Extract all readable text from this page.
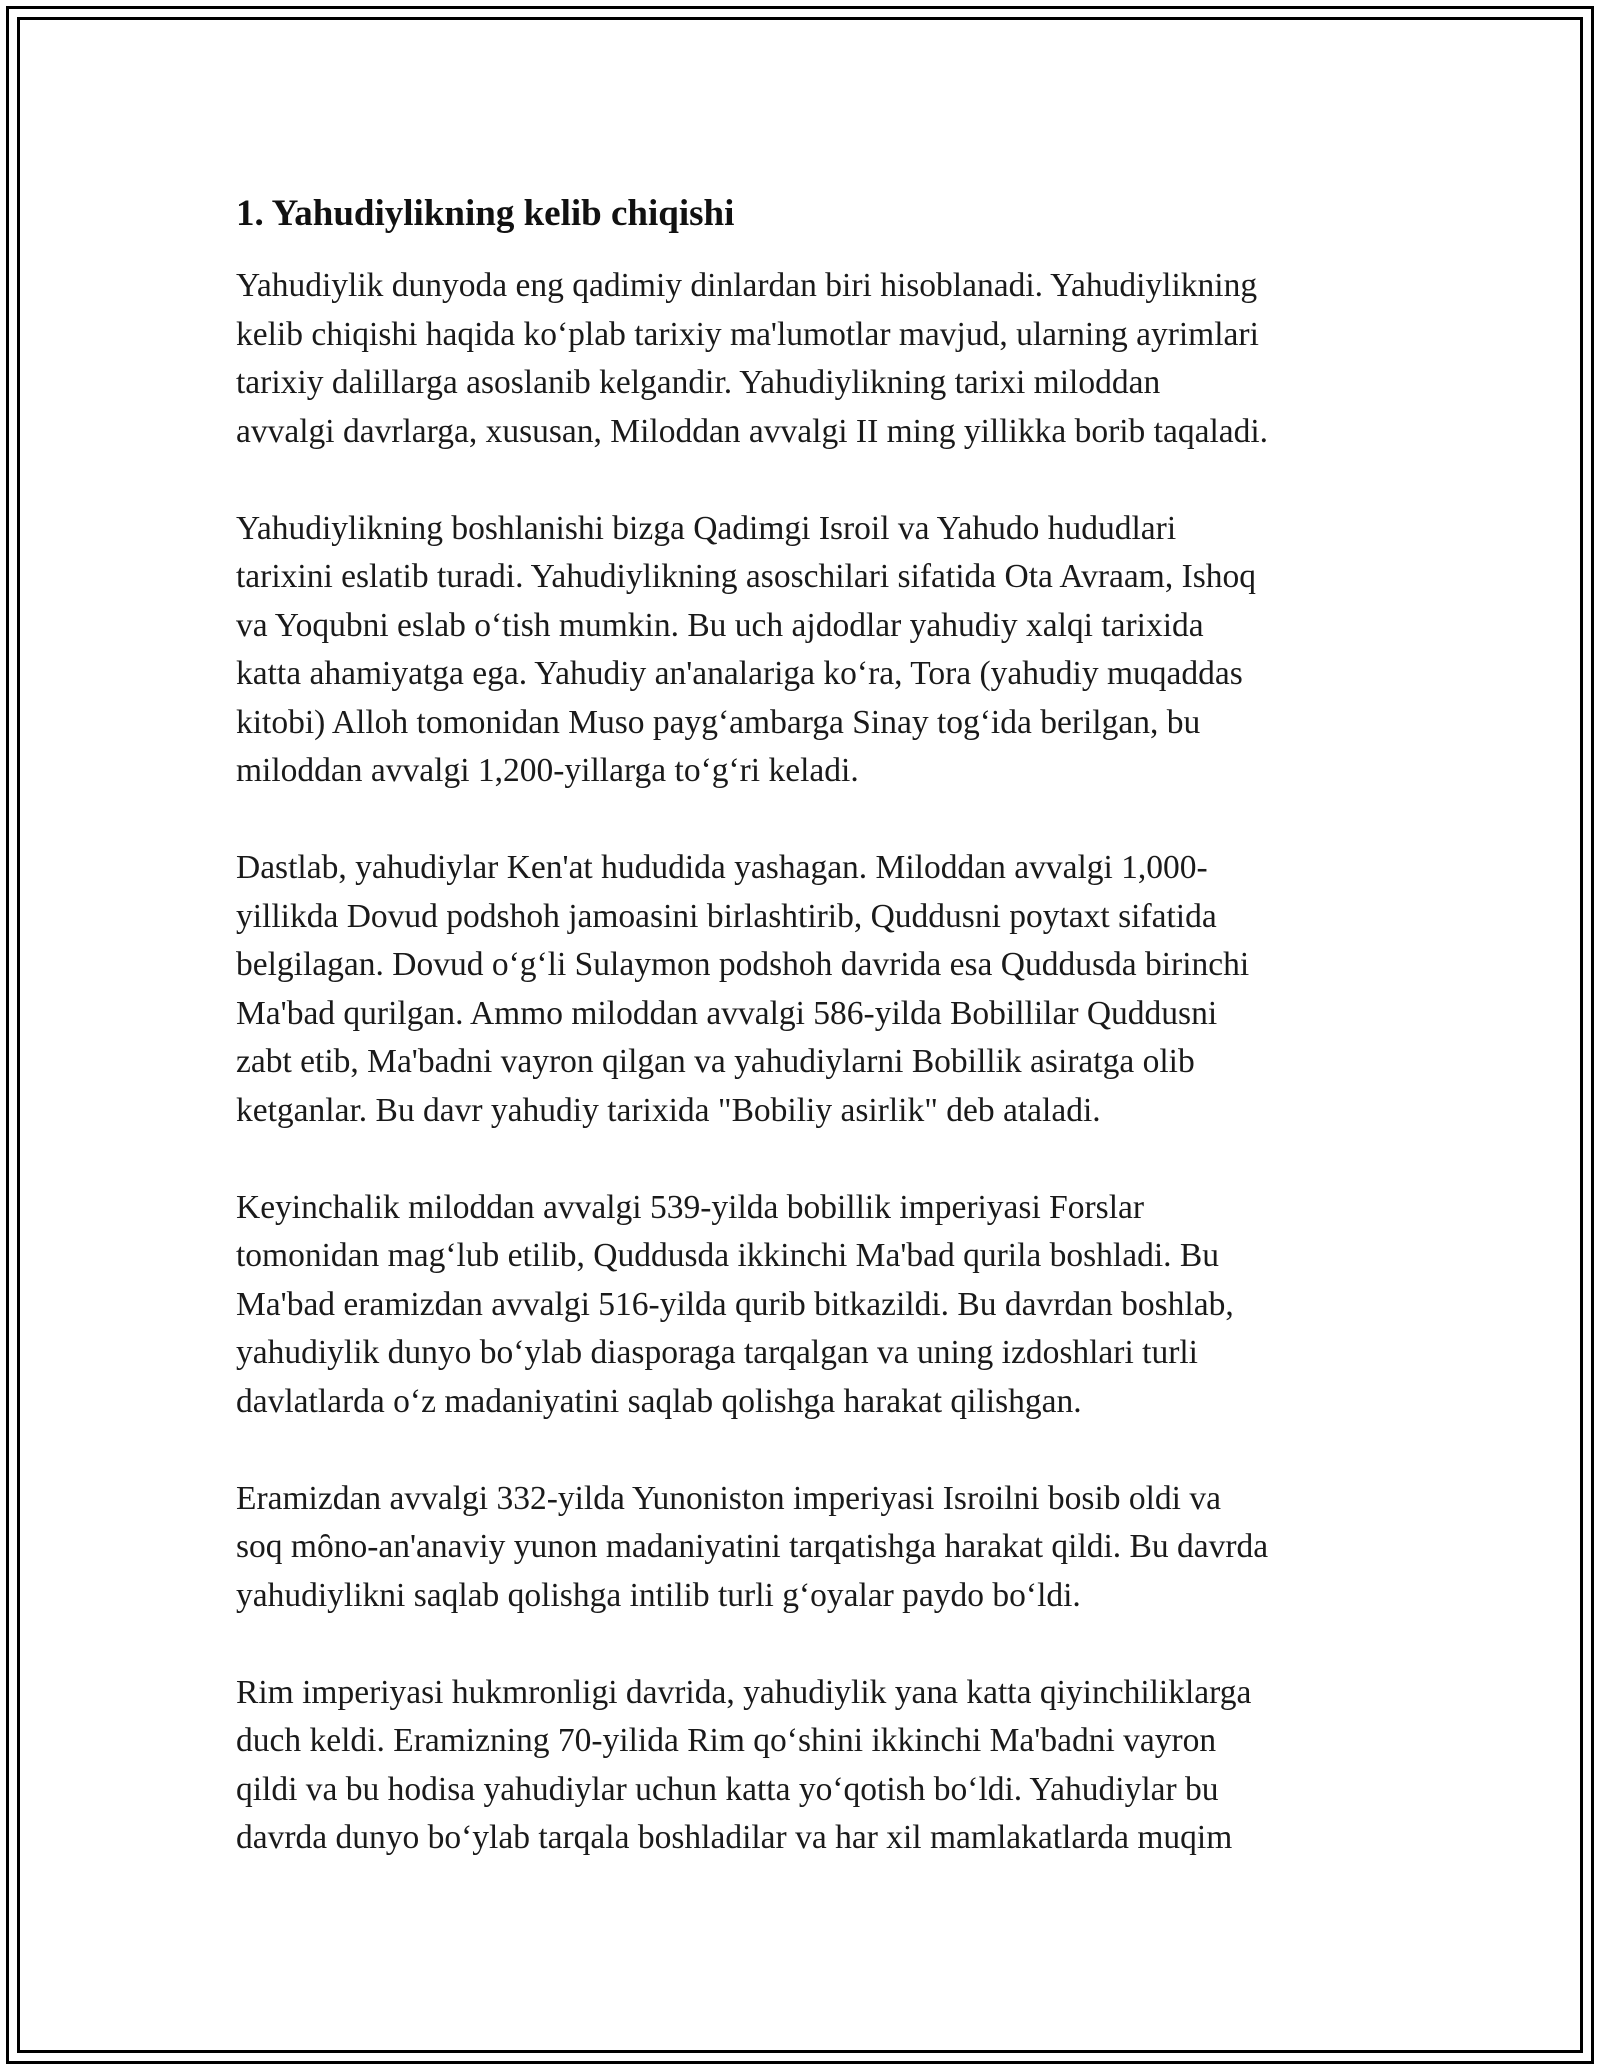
1. Yahudiylikning kelib chiqishi

Yahudiylik dunyoda eng qadimiy dinlardan biri hisoblanadi. Yahudiylikning
kelib chiqishi haqida koʻplab tarixiy ma'lumotlar mavjud, ularning ayrimlari
tarixiy dalillarga asoslanib kelgandir. Yahudiylikning tarixi miloddan
avvalgi davrlarga, xususan, Miloddan avvalgi II ming yillikka borib taqaladi.

Yahudiylikning boshlanishi bizga Qadimgi Isroil va Yahudo hududlari
tarixini eslatib turadi. Yahudiylikning asoschilari sifatida Ota Avraam, Ishoq
va Yoqubni eslab oʻtish mumkin. Bu uch ajdodlar yahudiy xalqi tarixida
katta ahamiyatga ega. Yahudiy an'analariga koʻra, Tora (yahudiy muqaddas
kitobi) Alloh tomonidan Muso paygʻambarga Sinay togʻida berilgan, bu
miloddan avvalgi 1,200-yillarga toʻgʻri keladi.

Dastlab, yahudiylar Ken'at hududida yashagan. Miloddan avvalgi 1,000-
yillikda Dovud podshoh jamoasini birlashtirib, Quddusni poytaxt sifatida
belgilagan. Dovud oʻgʻli Sulaymon podshoh davrida esa Quddusda birinchi
Ma'bad qurilgan. Ammo miloddan avvalgi 586-yilda Bobillilar Quddusni
zabt etib, Ma'badni vayron qilgan va yahudiylarni Bobillik asiratga olib
ketganlar. Bu davr yahudiy tarixida "Bobiliy asirlik" deb ataladi.

Keyinchalik miloddan avvalgi 539-yilda bobillik imperiyasi Forslar
tomonidan magʻlub etilib, Quddusda ikkinchi Ma'bad qurila boshladi. Bu
Ma'bad eramizdan avvalgi 516-yilda qurib bitkazildi. Bu davrdan boshlab,
yahudiylik dunyo boʻylab diasporaga tarqalgan va uning izdoshlari turli
davlatlarda oʻz madaniyatini saqlab qolishga harakat qilishgan.

Eramizdan avvalgi 332-yilda Yunoniston imperiyasi Isroilni bosib oldi va
soq mȏno-an'anaviy yunon madaniyatini tarqatishga harakat qildi. Bu davrda
yahudiylikni saqlab qolishga intilib turli gʻoyalar paydo boʻldi.

Rim imperiyasi hukmronligi davrida, yahudiylik yana katta qiyinchiliklarga
duch keldi. Eramizning 70-yilida Rim qoʻshini ikkinchi Ma'badni vayron
qildi va bu hodisa yahudiylar uchun katta yoʻqotish boʻldi. Yahudiylar bu
davrda dunyo boʻylab tarqala boshladilar va har xil mamlakatlarda muqim
